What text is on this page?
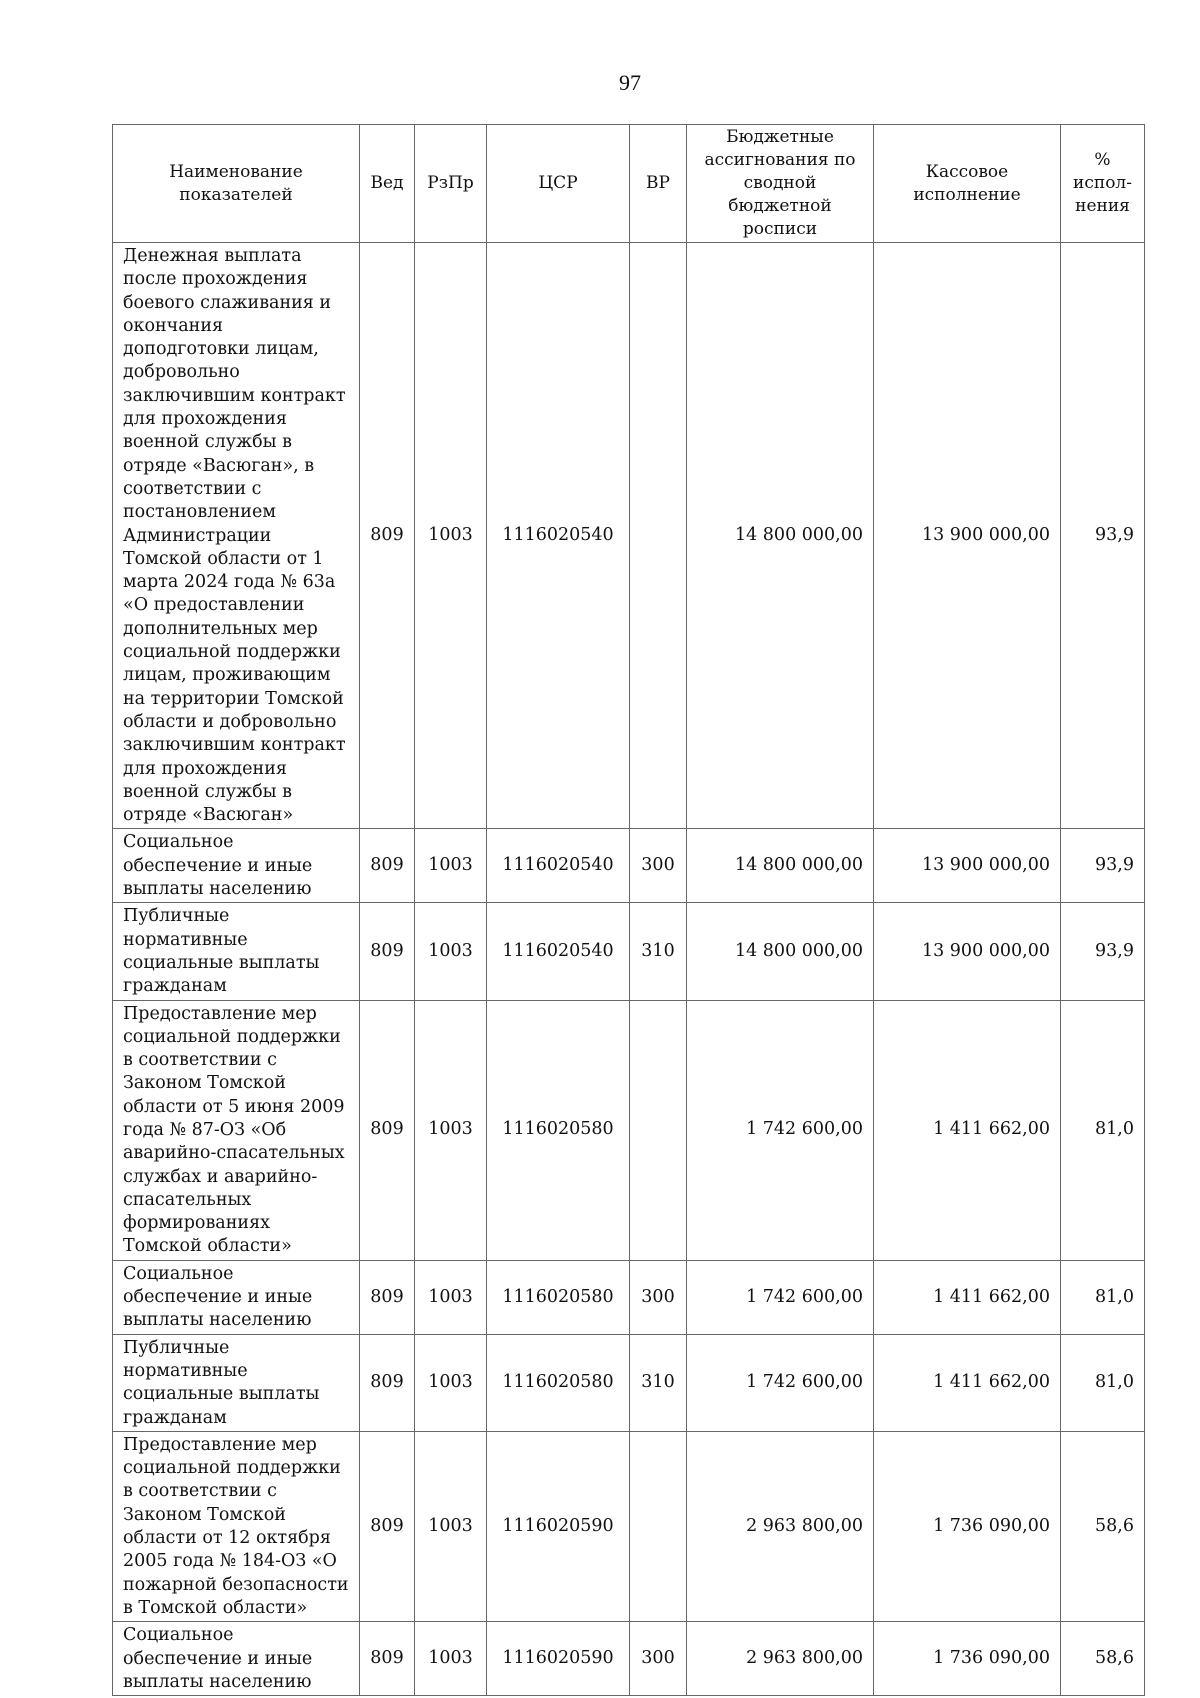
97
Наименование показателей	Вед	РзПр	ЦСР	ВР	Бюджетные ассигнования по сводной бюджетной росписи	Кассовое исполнение	% испол-нения
Денежная выплата после прохождения боевого слаживания и окончания доподготовки лицам, добровольно заключившим контракт для прохождения военной службы в отряде «Васюган», в соответствии с постановлением Администрации Томской области от 1 марта 2024 года № 63а «О предоставлении дополнительных мер социальной поддержки лицам, проживающим на территории Томской области и добровольно заключившим контракт для прохождения военной службы в отряде «Васюган»	809	1003	1116020540		14 800 000,00	13 900 000,00	93,9
Социальное обеспечение и иные выплаты населению	809	1003	1116020540	300	14 800 000,00	13 900 000,00	93,9
Публичные нормативные социальные выплаты гражданам	809	1003	1116020540	310	14 800 000,00	13 900 000,00	93,9
Предоставление мер социальной поддержки в соответствии с Законом Томской области от 5 июня 2009 года № 87-ОЗ «Об аварийно-спасательных службах и аварийно-спасательных формированиях Томской области»	809	1003	1116020580		1 742 600,00	1 411 662,00	81,0
Социальное обеспечение и иные выплаты населению	809	1003	1116020580	300	1 742 600,00	1 411 662,00	81,0
Публичные нормативные социальные выплаты гражданам	809	1003	1116020580	310	1 742 600,00	1 411 662,00	81,0
Предоставление мер социальной поддержки в соответствии с Законом Томской области от 12 октября 2005 года № 184-ОЗ «О пожарной безопасности в Томской области»	809	1003	1116020590		2 963 800,00	1 736 090,00	58,6
Социальное обеспечение и иные выплаты населению	809	1003	1116020590	300	2 963 800,00	1 736 090,00	58,6
